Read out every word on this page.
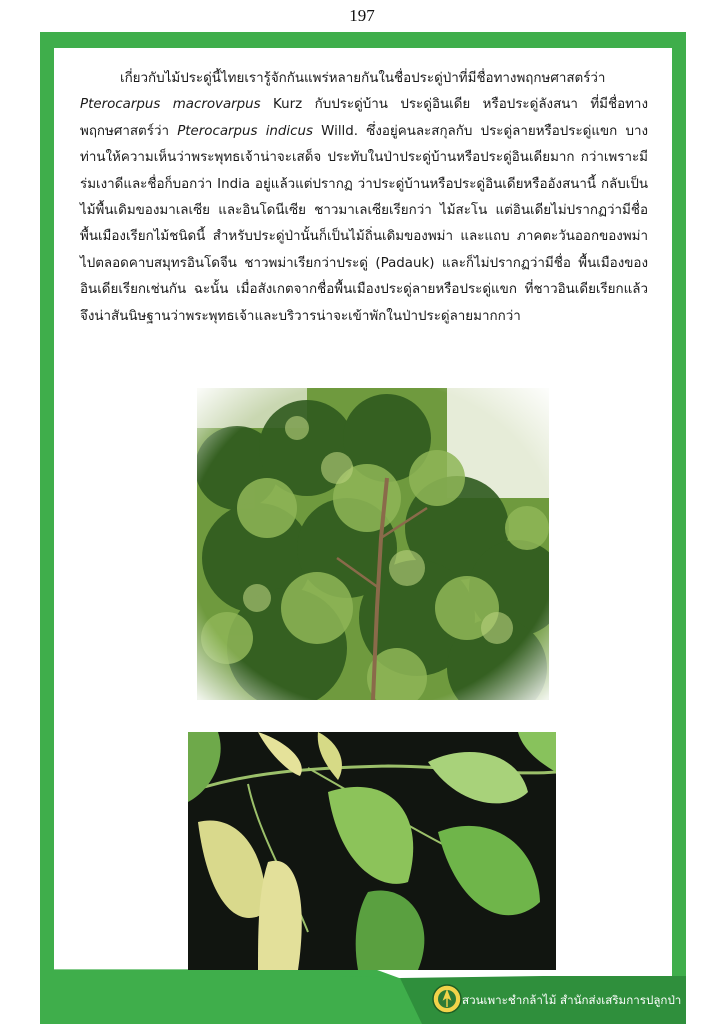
197

เกี่ยวกับไม้ประดู่นี้ไทยเรารู้จักกันแพร่หลายกันในชื่อประดู่ป่าที่มีชื่อทางพฤกษศาสตร์ว่า Pterocarpus macrovarpus Kurz กับประดู่บ้าน ประดู่อินเดีย หรือประดู่ลังสนา ที่มีชื่อทางพฤกษศาสตร์ว่า Pterocarpus indicus Willd. ซึ่งอยู่คนละสกุลกับ ประดู่ลายหรือประดู่แขก บางท่านให้ความเห็นว่าพระพุทธเจ้าน่าจะเสด็จ ประทับในป่าประดู่บ้านหรือประดู่อินเดียมาก กว่าเพราะมีร่มเงาดีและชื่อก็บอกว่า India อยู่แล้วแต่ปรากฏ ว่าประดู่บ้านหรือประดู่อินเดียหรืออังสนานี้ กลับเป็นไม้พื้นเดิมของมาเลเซีย และอินโดนีเซีย ชาวมาเลเซียเรียกว่า ไม้สะโน แต่อินเดียไม่ปรากฏว่ามีชื่อพื้นเมืองเรียกไม้ชนิดนี้ สำหรับประดู่ป่านั้นก็เป็นไม้ถิ่นเดิมของพม่า และแถบ ภาคตะวันออกของพม่าไปตลอดคาบสมุทรอินโดจีน ชาวพม่าเรียกว่าประดู่ (Padauk) และก็ไม่ปรากฏว่ามีชื่อ พื้นเมืองของอินเดียเรียกเช่นกัน ฉะนั้น เมื่อสังเกตจากชื่อพื้นเมืองประดู่ลายหรือประดู่แขก ที่ชาวอินเดียเรียกแล้ว จึงน่าสันนิษฐานว่าพระพุทธเจ้าและบริวารน่าจะเข้าพักในป่าประดู่ลายมากกว่า

สวนเพาะชำกล้าไม้ สำนักส่งเสริมการปลูกป่า
